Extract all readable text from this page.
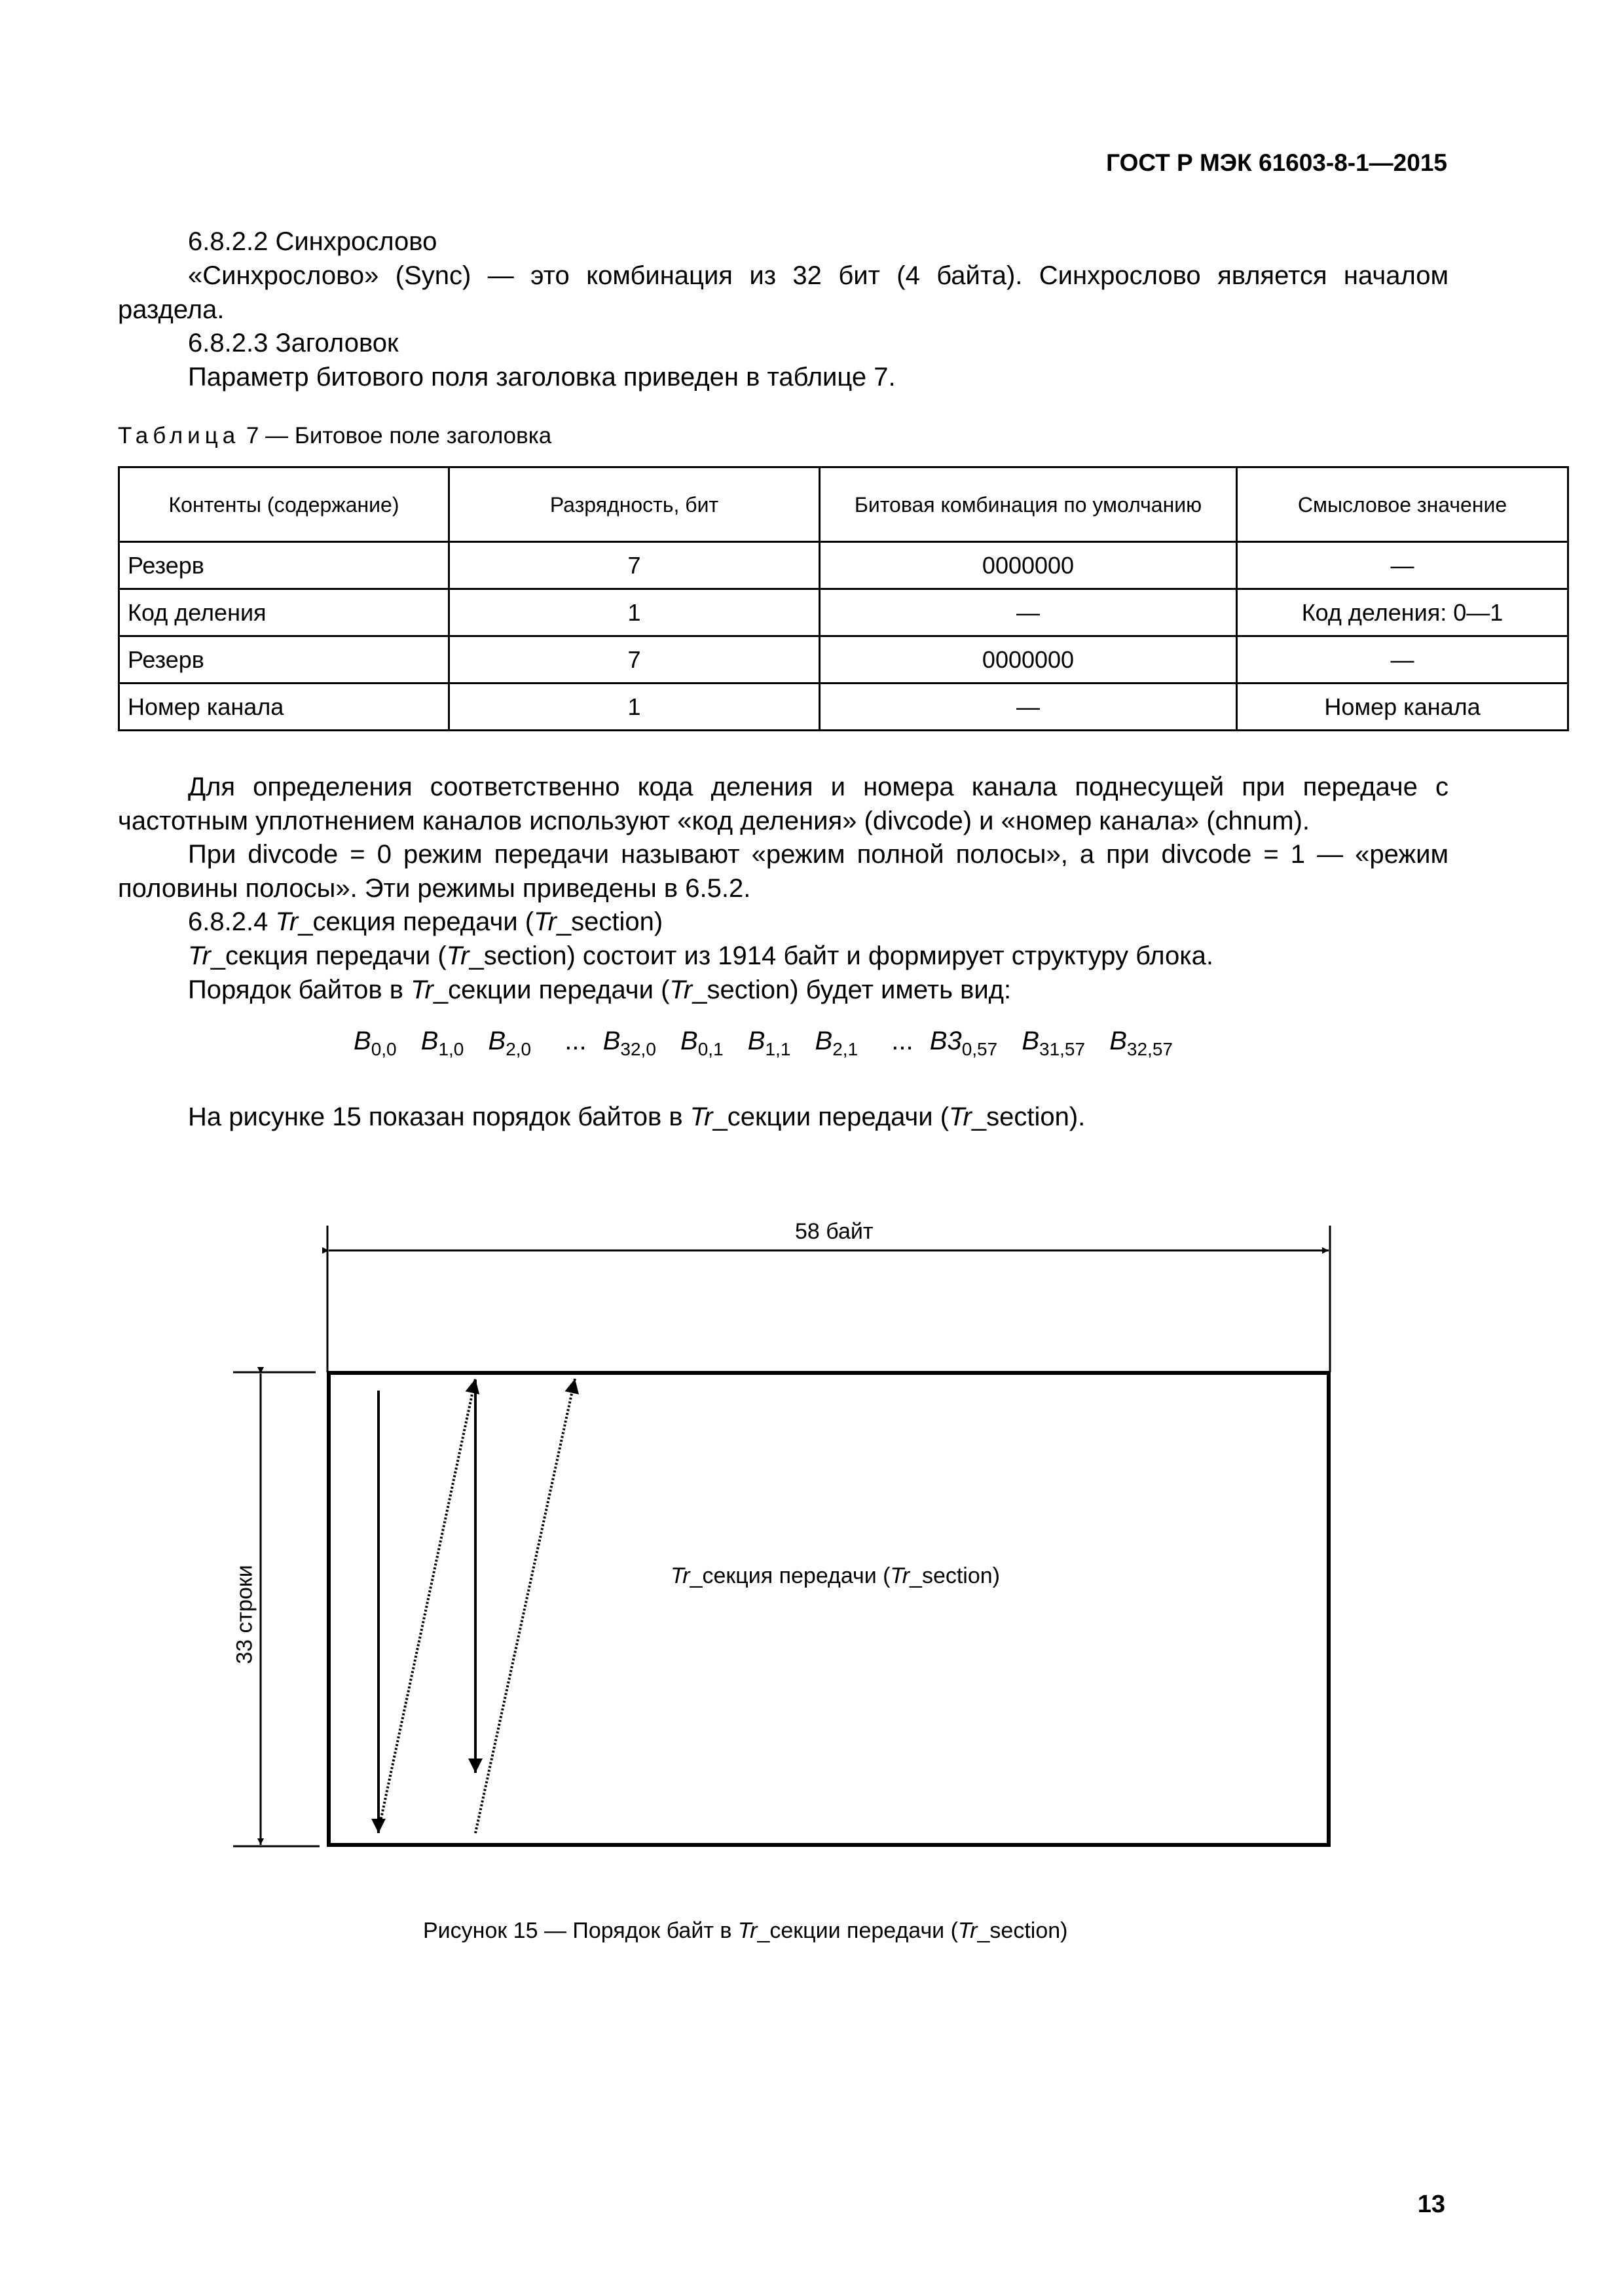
ГОСТ Р МЭК 61603-8-1—2015

6.8.2.2 Синхрослово

«Синхрослово» (Sync) — это комбинация из 32 бит (4 байта). Синхрослово является началом раздела.

6.8.2.3 Заголовок

Параметр битового поля заголовка приведен в таблице 7.

Таблица 7 — Битовое поле заголовка
Контенты (содержание)	Разрядность, бит	Битовая комбинация по умолчанию	Смысловое значение
Резерв	7	0000000	—
Код деления	1	—	Код деления: 0—1
Резерв	7	0000000	—
Номер канала	1	—	Номер канала

Для определения соответственно кода деления и номера канала поднесущей при передаче с частотным уплотнением каналов используют «код деления» (divcode) и «номер канала» (chnum).

При divcode = 0 режим передачи называют «режим полной полосы», а при divcode = 1 — «режим половины полосы». Эти режимы приведены в 6.5.2.

6.8.2.4 Tr_секция передачи (Tr_section)

Tr_секция передачи (Tr_section) состоит из 1914 байт и формирует структуру блока.

Порядок байтов в Tr_секции передачи (Tr_section) будет иметь вид:

$B_{0,0}$ $B_{1,0}$ $B_{2,0}$ ... $B_{32,0}$ $B_{0,1}$ $B_{1,1}$ $B_{2,1}$ ... $B3_{0,57}$ $B_{31,57}$ $B_{32,57}$

На рисунке 15 показан порядок байтов в Tr_секции передачи (Tr_section).

58 байт
33 строки	Tr_секция передачи (Tr_section)
Рисунок 15 — Порядок байт в Tr_секции передачи (Tr_section)
13
